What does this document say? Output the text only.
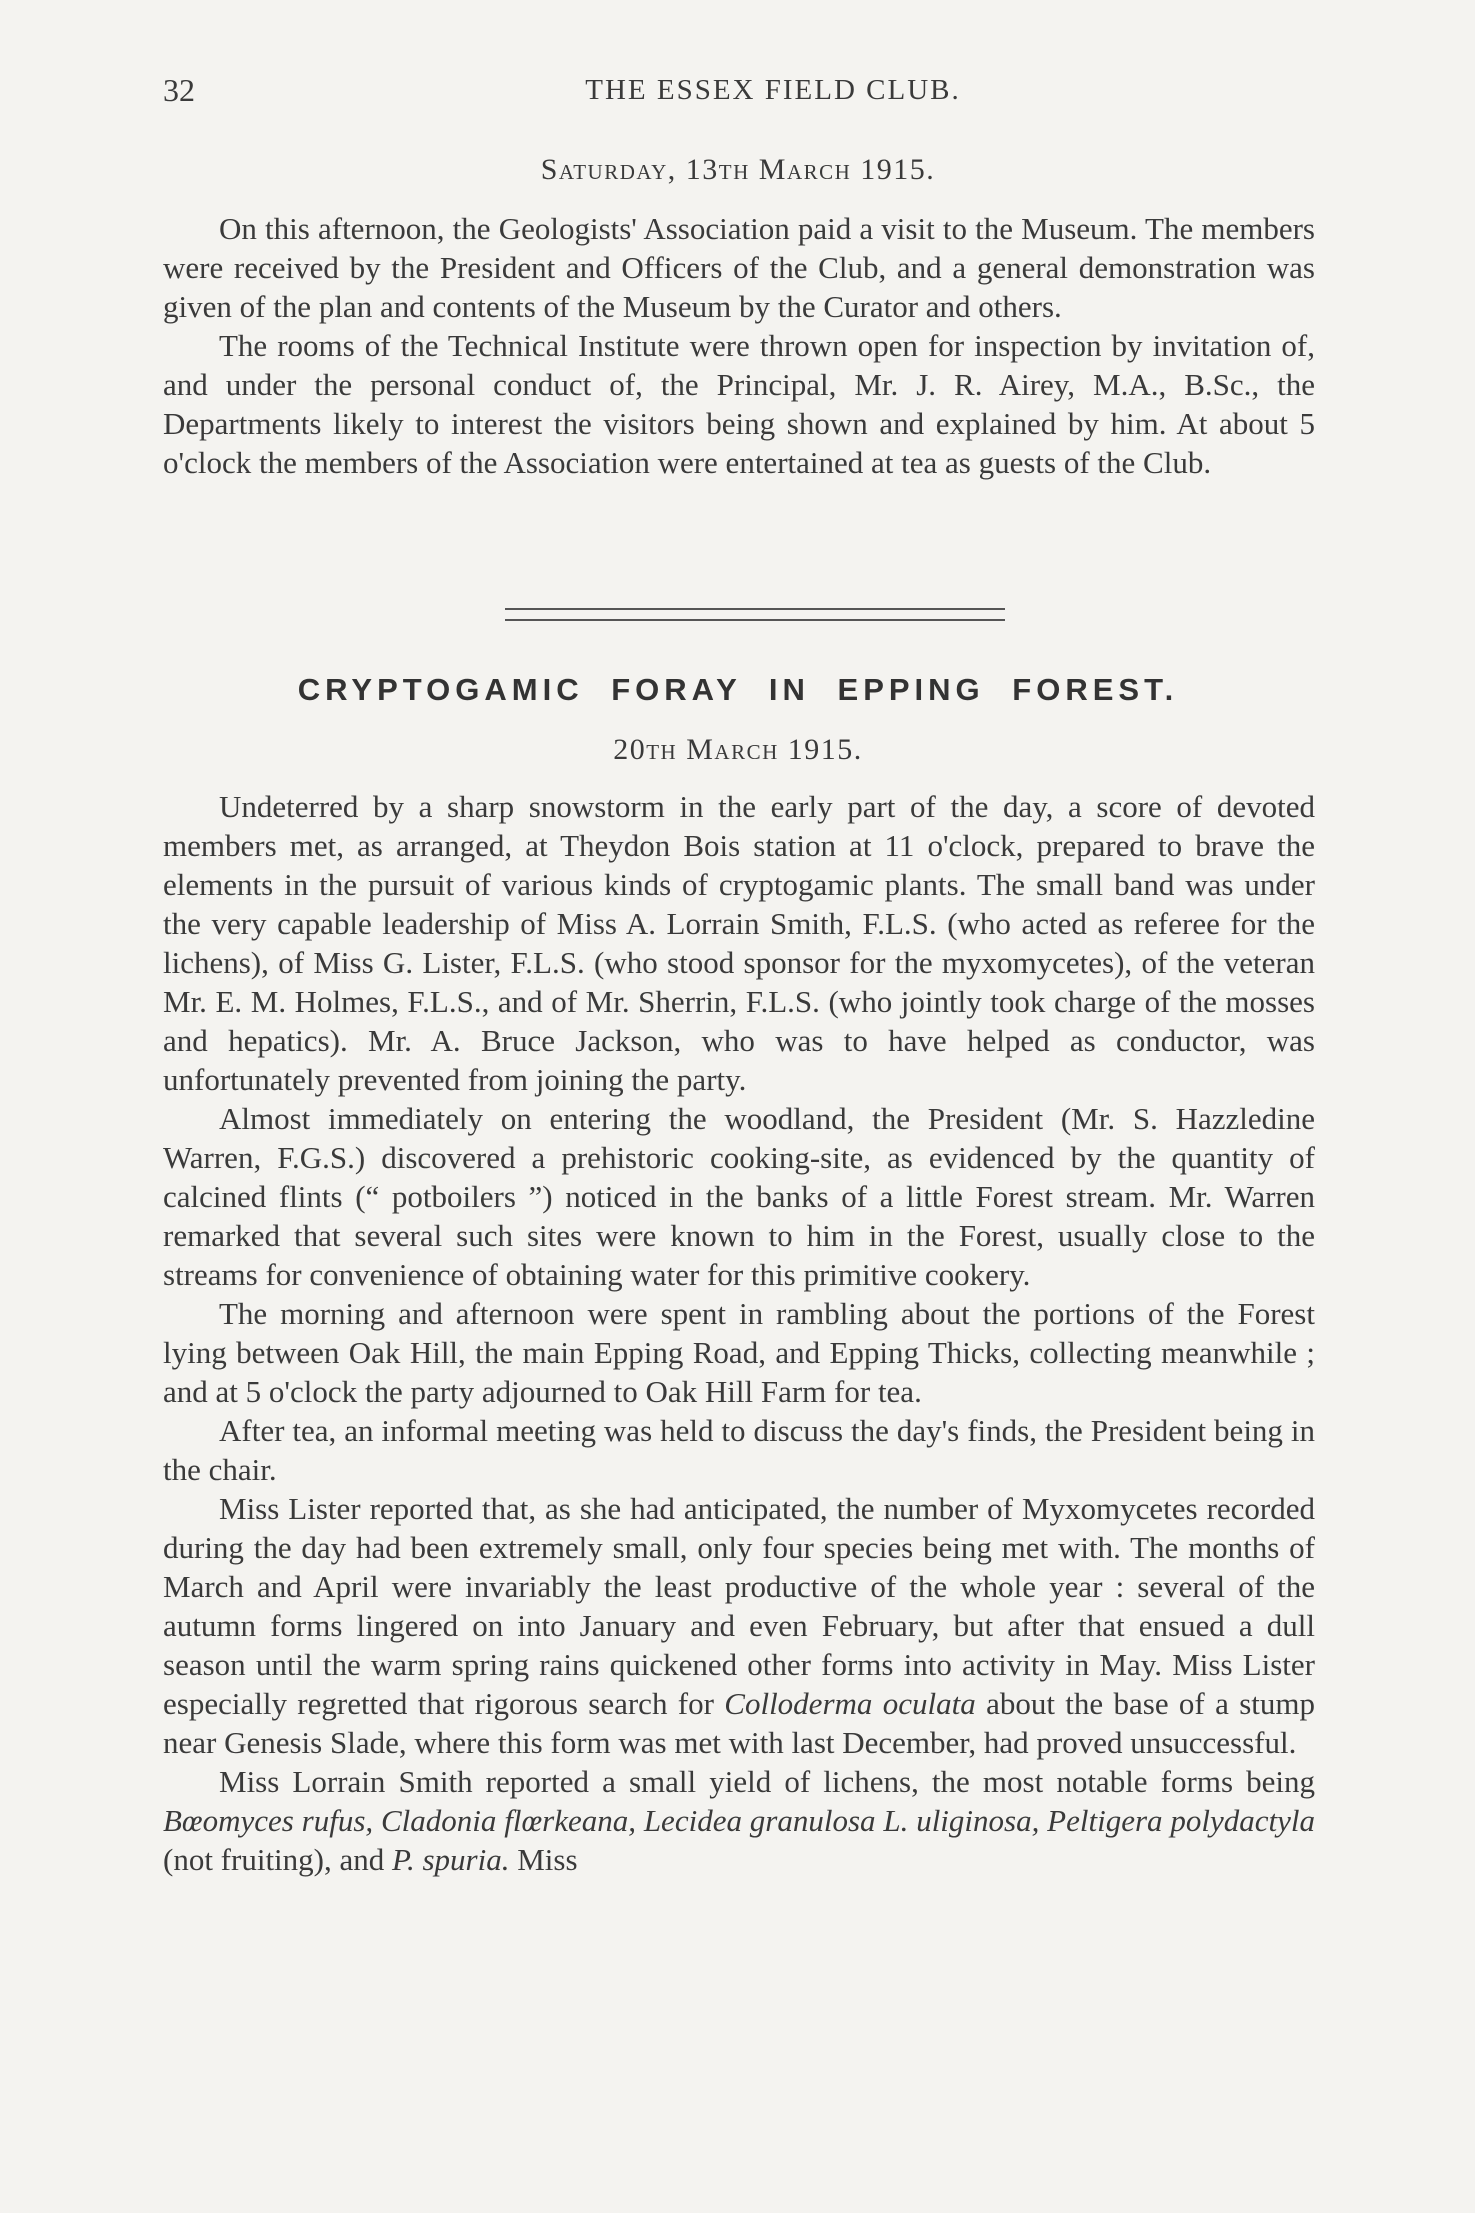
32	THE ESSEX FIELD CLUB.
Saturday, 13th March 1915.

On this afternoon, the Geologists' Association paid a visit to the Museum. The members were received by the President and Officers of the Club, and a general demonstration was given of the plan and contents of the Museum by the Curator and others.

The rooms of the Technical Institute were thrown open for inspection by invitation of, and under the personal conduct of, the Principal, Mr. J. R. Airey, M.A., B.Sc., the Departments likely to interest the visitors being shown and explained by him. At about 5 o'clock the members of the Association were entertained at tea as guests of the Club.

CRYPTOGAMIC FORAY IN EPPING FOREST.
20th March 1915.

Undeterred by a sharp snowstorm in the early part of the day, a score of devoted members met, as arranged, at Theydon Bois station at 11 o'clock, prepared to brave the elements in the pursuit of various kinds of cryptogamic plants. The small band was under the very capable leadership of Miss A. Lorrain Smith, F.L.S. (who acted as referee for the lichens), of Miss G. Lister, F.L.S. (who stood sponsor for the myxomycetes), of the veteran Mr. E. M. Holmes, F.L.S., and of Mr. Sherrin, F.L.S. (who jointly took charge of the mosses and hepatics). Mr. A. Bruce Jackson, who was to have helped as conductor, was unfortunately prevented from joining the party.

Almost immediately on entering the woodland, the President (Mr. S. Hazzledine Warren, F.G.S.) discovered a prehistoric cooking-site, as evidenced by the quantity of calcined flints (“ potboilers ”) noticed in the banks of a little Forest stream. Mr. Warren remarked that several such sites were known to him in the Forest, usually close to the streams for convenience of obtaining water for this primitive cookery.

The morning and afternoon were spent in rambling about the portions of the Forest lying between Oak Hill, the main Epping Road, and Epping Thicks, collecting meanwhile ; and at 5 o'clock the party adjourned to Oak Hill Farm for tea.

After tea, an informal meeting was held to discuss the day's finds, the President being in the chair.

Miss Lister reported that, as she had anticipated, the number of Myxomycetes recorded during the day had been extremely small, only four species being met with. The months of March and April were invariably the least productive of the whole year : several of the autumn forms lingered on into January and even February, but after that ensued a dull season until the warm spring rains quickened other forms into activity in May. Miss Lister especially regretted that rigorous search for Colloderma oculata about the base of a stump near Genesis Slade, where this form was met with last December, had proved unsuccessful.

Miss Lorrain Smith reported a small yield of lichens, the most notable forms being Bœomyces rufus, Cladonia flœrkeana, Lecidea granulosa L. uliginosa, Peltigera polydactyla (not fruiting), and P. spuria. Miss
